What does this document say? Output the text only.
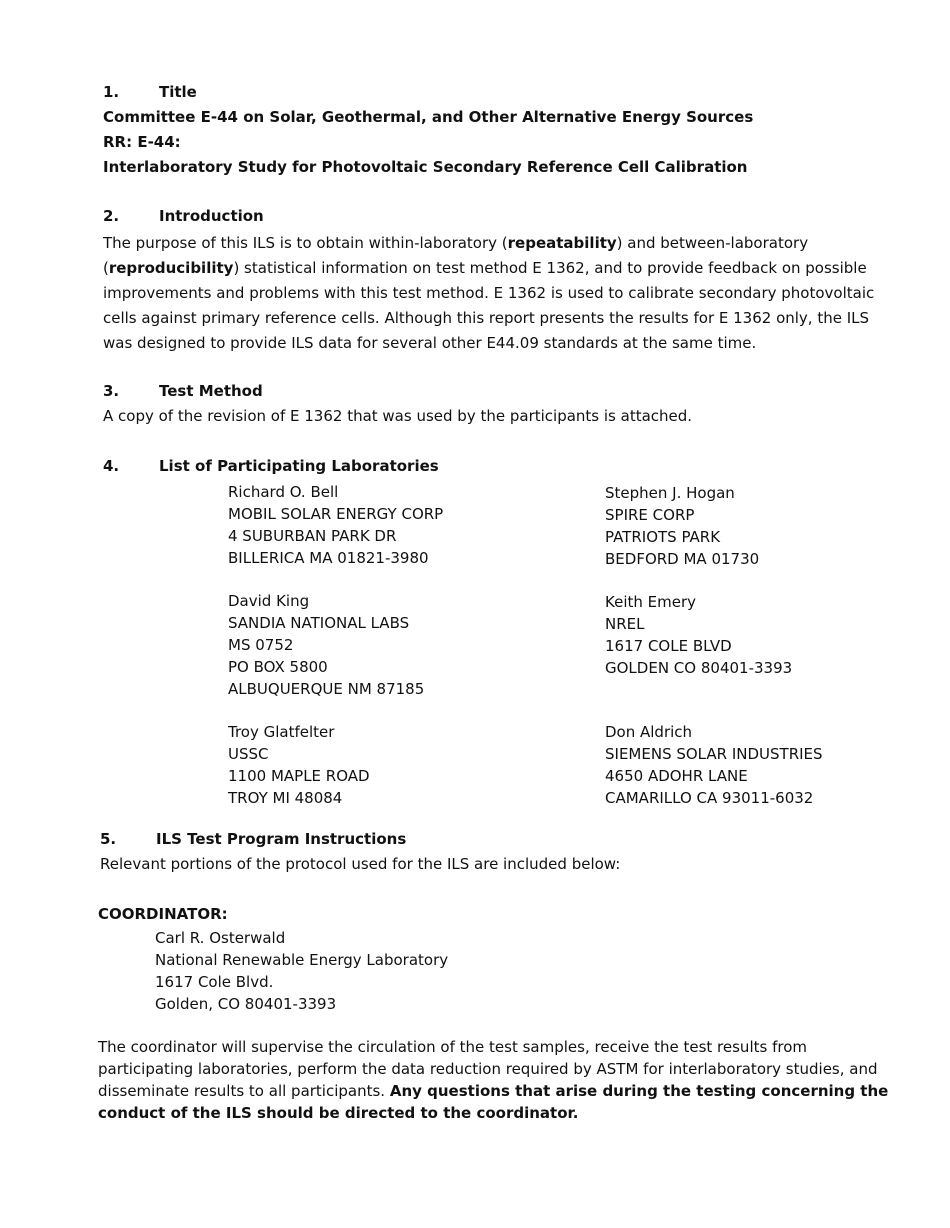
1.	Title
Committee E-44 on Solar, Geothermal, and Other Alternative Energy Sources
RR: E-44:
Interlaboratory Study for Photovoltaic Secondary Reference Cell Calibration
2.	Introduction
The purpose of this ILS is to obtain within-laboratory (repeatability) and between-laboratory
(reproducibility) statistical information on test method E 1362, and to provide feedback on possible
improvements and problems with this test method. E 1362 is used to calibrate secondary photovoltaic
cells against primary reference cells. Although this report presents the results for E 1362 only, the ILS
was designed to provide ILS data for several other E44.09 standards at the same time.
3.	Test Method
A copy of the revision of E 1362 that was used by the participants is attached.
4.	List of Participating Laboratories
Richard O. Bell
MOBIL SOLAR ENERGY CORP
4 SUBURBAN PARK DR
BILLERICA MA 01821-3980
David King
SANDIA NATIONAL LABS
MS 0752
PO BOX 5800
ALBUQUERQUE NM 87185
Troy Glatfelter
USSC
1100 MAPLE ROAD
TROY MI 48084
Stephen J. Hogan
SPIRE CORP
PATRIOTS PARK
BEDFORD MA 01730
Keith Emery
NREL
1617 COLE BLVD
GOLDEN CO 80401-3393
Don Aldrich
SIEMENS SOLAR INDUSTRIES
4650 ADOHR LANE
CAMARILLO CA 93011-6032
5.	ILS Test Program Instructions
Relevant portions of the protocol used for the ILS are included below:
COORDINATOR:
Carl R. Osterwald
National Renewable Energy Laboratory
1617 Cole Blvd.
Golden, CO 80401-3393
The coordinator will supervise the circulation of the test samples, receive the test results from
participating laboratories, perform the data reduction required by ASTM for interlaboratory studies, and
disseminate results to all participants. Any questions that arise during the testing concerning the
conduct of the ILS should be directed to the coordinator.
